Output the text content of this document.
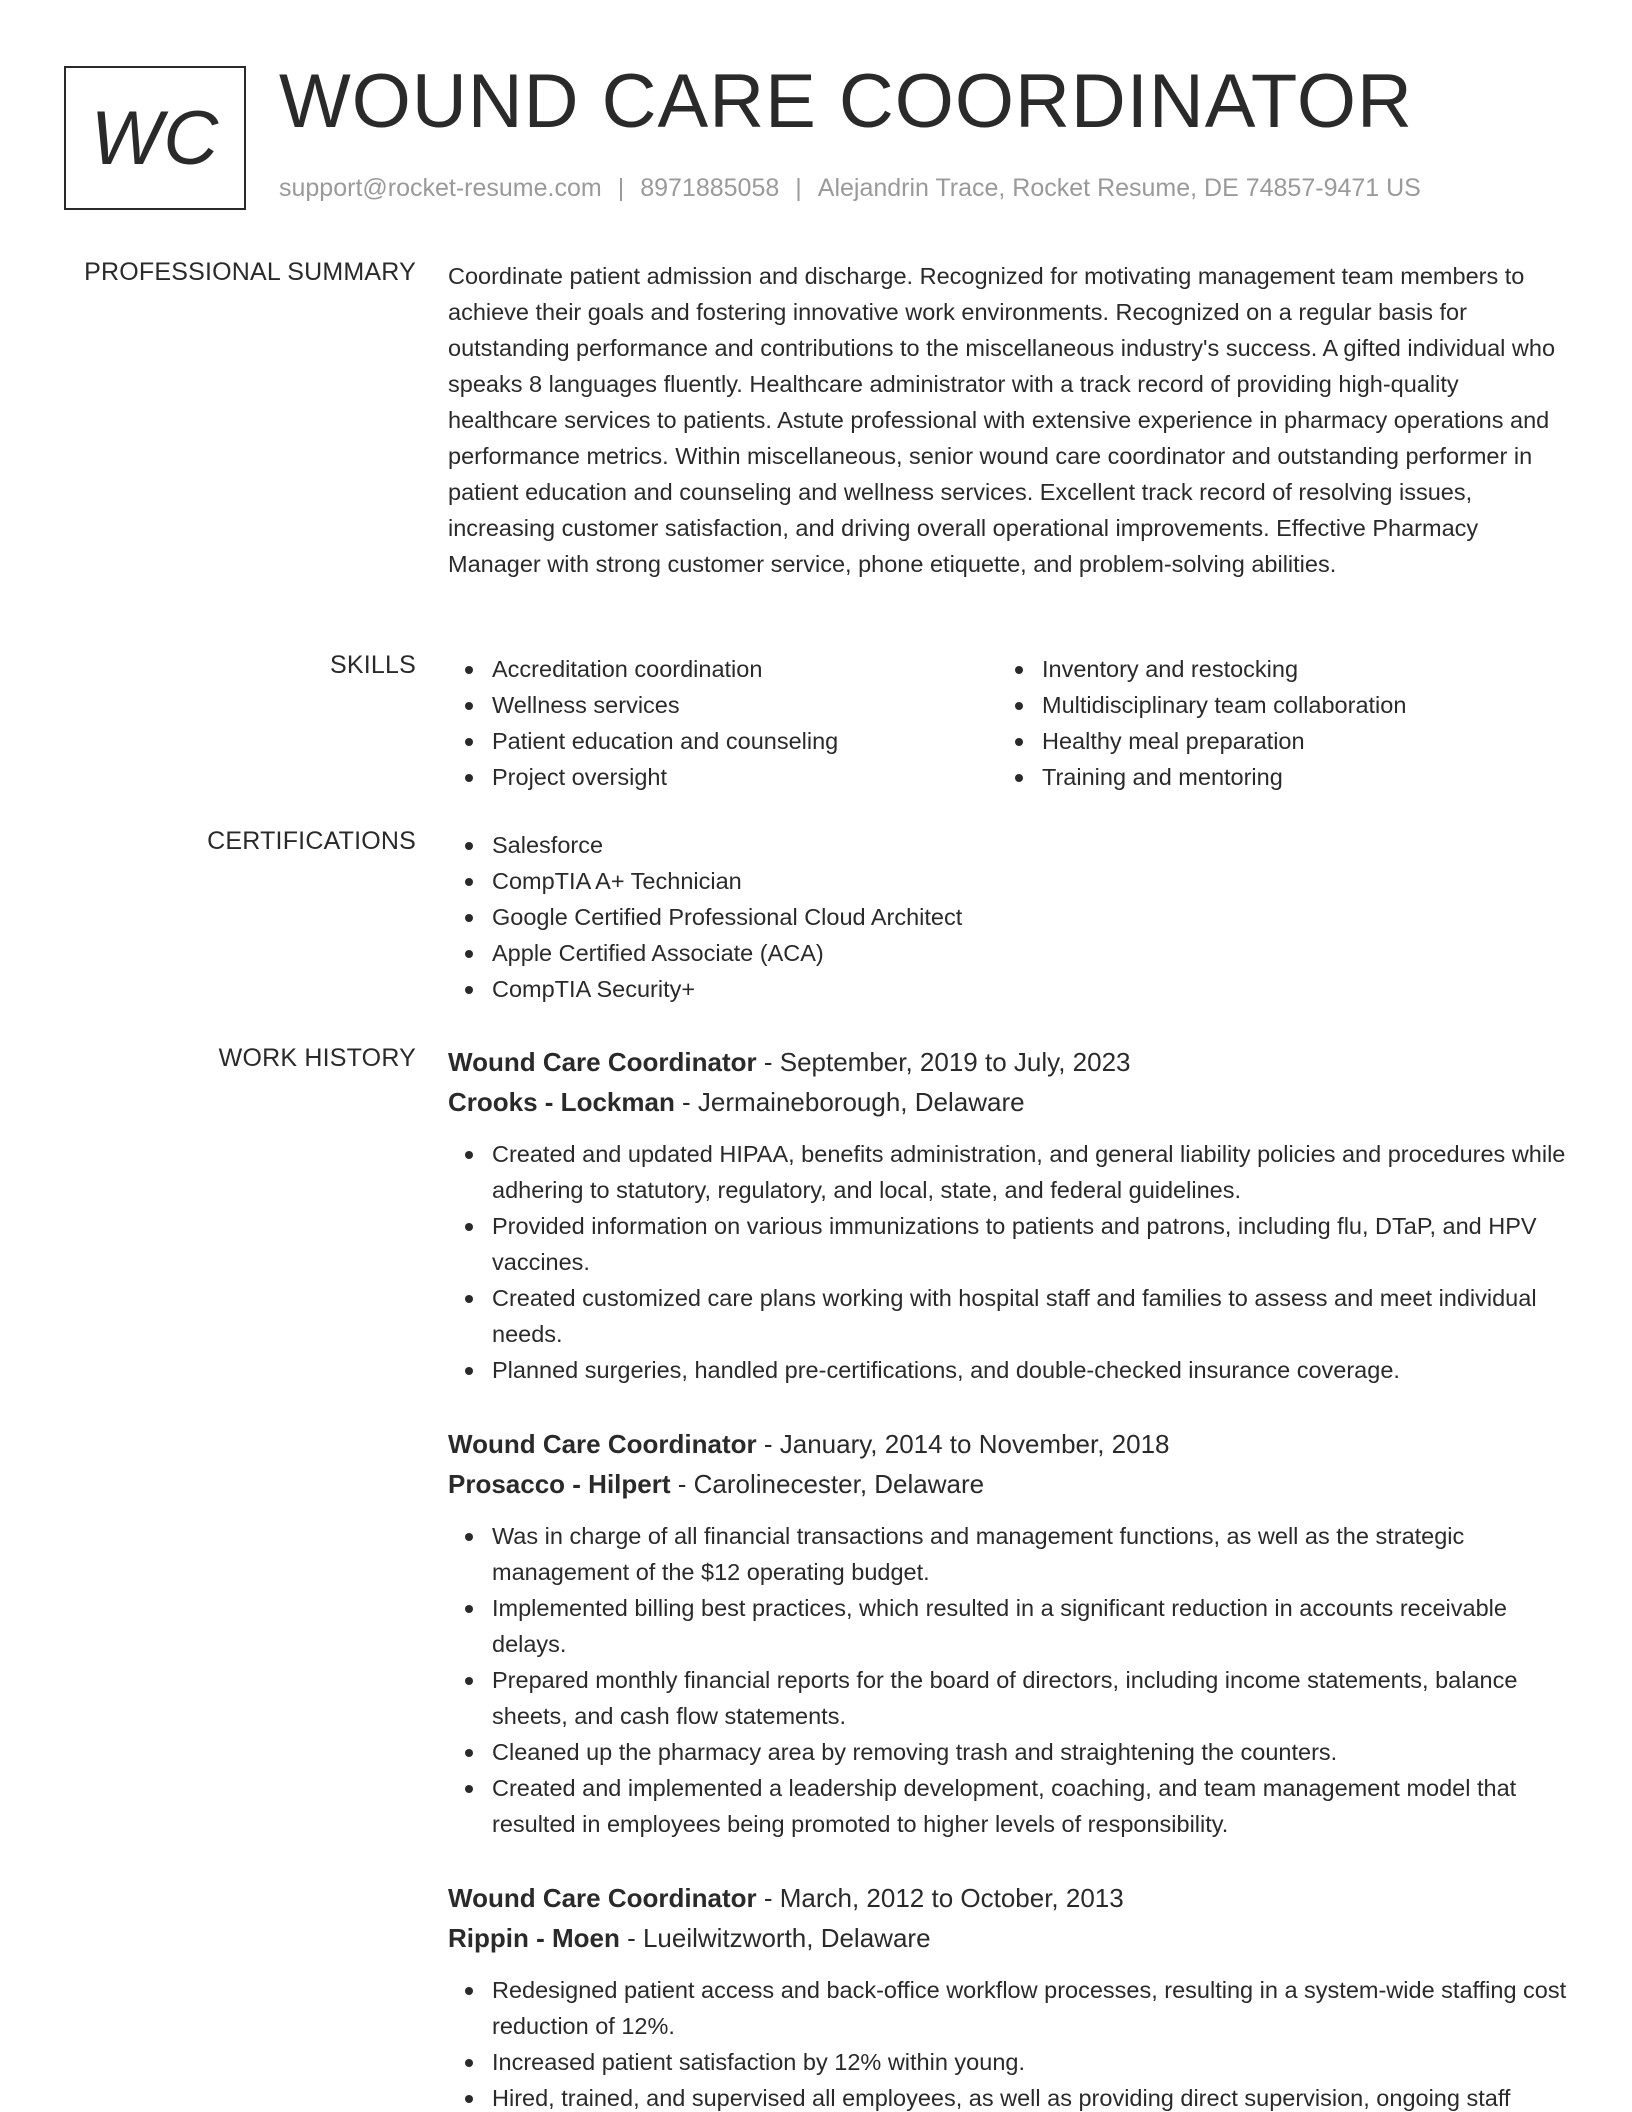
WC WOUND CARE COORDINATOR
support@rocket-resume.com | 8971885058 | Alejandrin Trace, Rocket Resume, DE 74857-9471 US
PROFESSIONAL SUMMARY Coordinate patient admission and discharge. Recognized for motivating management team members to achieve their goals and fostering innovative work environments. Recognized on a regular basis for outstanding performance and contributions to the miscellaneous industry's success. A gifted individual who speaks 8 languages fluently. Healthcare administrator with a track record of providing high-quality healthcare services to patients. Astute professional with extensive experience in pharmacy operations and performance metrics. Within miscellaneous, senior wound care coordinator and outstanding performer in patient education and counseling and wellness services. Excellent track record of resolving issues, increasing customer satisfaction, and driving overall operational improvements. Effective Pharmacy Manager with strong customer service, phone etiquette, and problem-solving abilities.
SKILLS	Accreditation coordination
Wellness services
Patient education and counseling
Project oversight
Inventory and restocking
Multidisciplinary team collaboration
Healthy meal preparation
Training and mentoring
CERTIFICATIONS	Salesforce
CompTIA A+ Technician
Google Certified Professional Cloud Architect
Apple Certified Associate (ACA)
CompTIA Security+
WORK HISTORY Wound Care Coordinator - September, 2019 to July, 2023
Crooks - Lockman - Jermaineborough, Delaware
Created and updated HIPAA, benefits administration, and general liability policies and procedures while adhering to statutory, regulatory, and local, state, and federal guidelines.
Provided information on various immunizations to patients and patrons, including flu, DTaP, and HPV vaccines.
Created customized care plans working with hospital staff and families to assess and meet individual needs.
Planned surgeries, handled pre-certifications, and double-checked insurance coverage.
Wound Care Coordinator - January, 2014 to November, 2018
Prosacco - Hilpert - Carolinecester, Delaware
Was in charge of all financial transactions and management functions, as well as the strategic management of the $12 operating budget.
Implemented billing best practices, which resulted in a significant reduction in accounts receivable delays.
Prepared monthly financial reports for the board of directors, including income statements, balance sheets, and cash flow statements.
Cleaned up the pharmacy area by removing trash and straightening the counters.
Created and implemented a leadership development, coaching, and team management model that resulted in employees being promoted to higher levels of responsibility.
Wound Care Coordinator - March, 2012 to October, 2013
Rippin - Moen - Lueilwitzworth, Delaware
Redesigned patient access and back-office workflow processes, resulting in a system-wide staffing cost reduction of 12%.
Increased patient satisfaction by 12% within young.
Hired, trained, and supervised all employees, as well as providing direct supervision, ongoing staff
